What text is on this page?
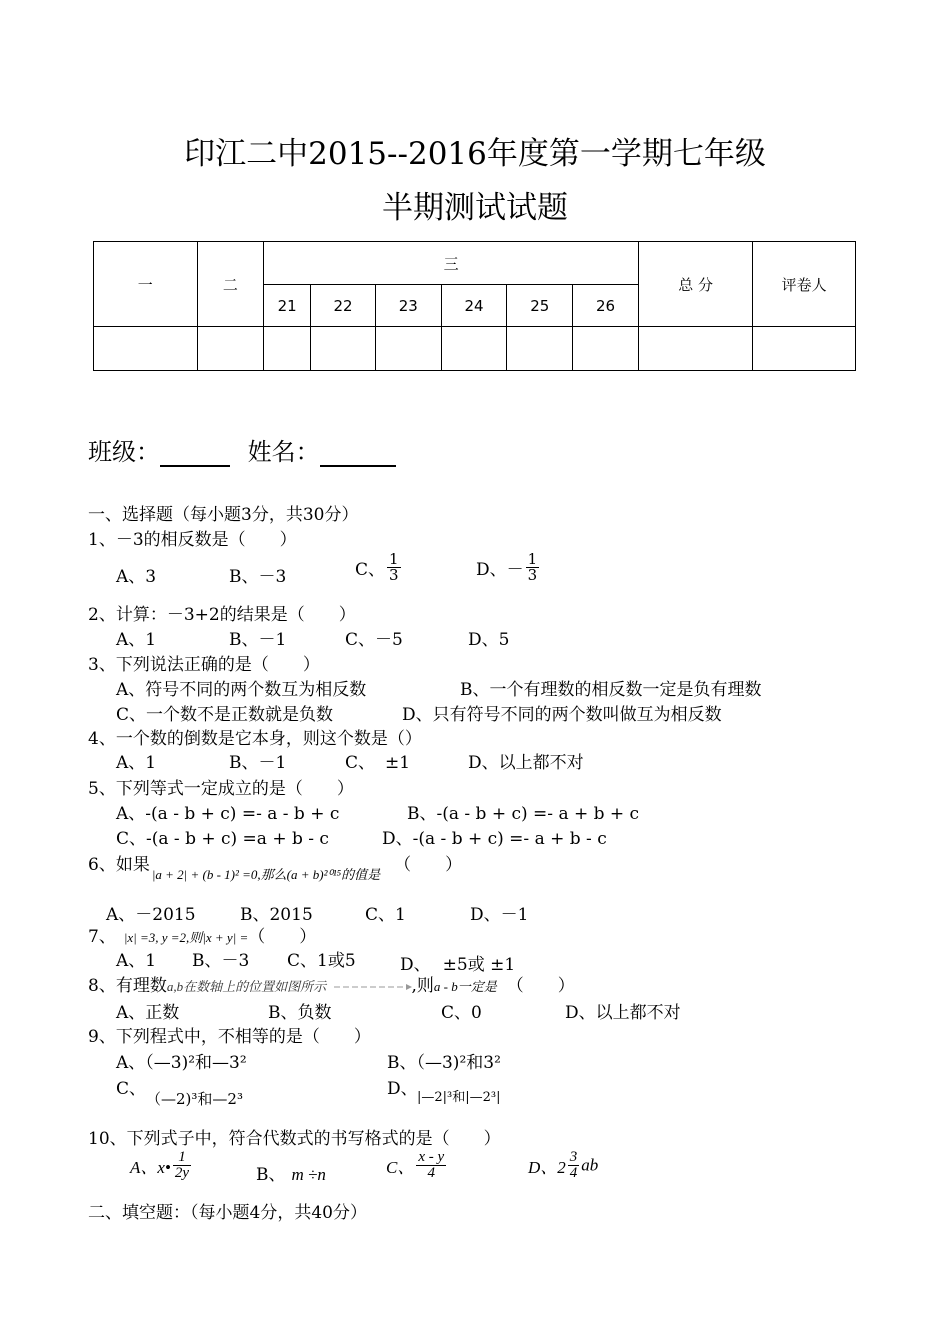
印江二中2015--2016年度第一学期七年级
半期测试试题
一	二	三						总 分	评卷人
		21	22	23	24	25	26		

班级：	姓名：
一、选择题（每小题3分，共30分）
1、－3的相反数是（　　）
A、3	B、－3	C、 $\frac{1}{3}$	D、－ $\frac{1}{3}$
2、计算：－3+2的结果是（　　）
A、1	B、－1	C、－5	D、5
3、下列说法正确的是（　　）
A、符号不同的两个数互为相反数	B、一个有理数的相反数一定是负有理数
C、一个数不是正数就是负数	D、只有符号不同的两个数叫做互为相反数
4、一个数的倒数是它本身，则这个数是（）
A、1	B、－1	C、 ±1	D、以上都不对
5、下列等式一定成立的是（　　）
A、-(a - b + c) =- a - b + c	B、-(a - b + c) =- a + b + c
C、-(a - b + c) =a + b - c	D、-(a - b + c) =- a + b - c
6、如果 |a + 2| + (b - 1)² =0,那么(a + b)²⁰¹⁵的值是 （　　）
A、－2015	B、2015	C、1	D、－1
7、 |x| =3, y =2,则|x + y| =（　　）
A、1 B、－3 C、1或5	D、 ±5或 ±1
8、有理数a,b在数轴上的位置如图所示	,则a - b一定是 （　　）
A、正数	B、负数	C、0	D、以上都不对
9、下列程式中，不相等的是（　　）
A、（—3)²和—3²	B、（—3)²和3²
C、 （—2)³和—2³	D、 |—2|³和|—2³|
10、下列式子中，符合代数式的书写格式的是（　　）
A、x• $\frac{1}{2y}$	B、 m ÷n	C、 $\frac{x - y}{4}$	D、$2 \frac{3}{4}$ ab
二、填空题：（每小题4分，共40分）
